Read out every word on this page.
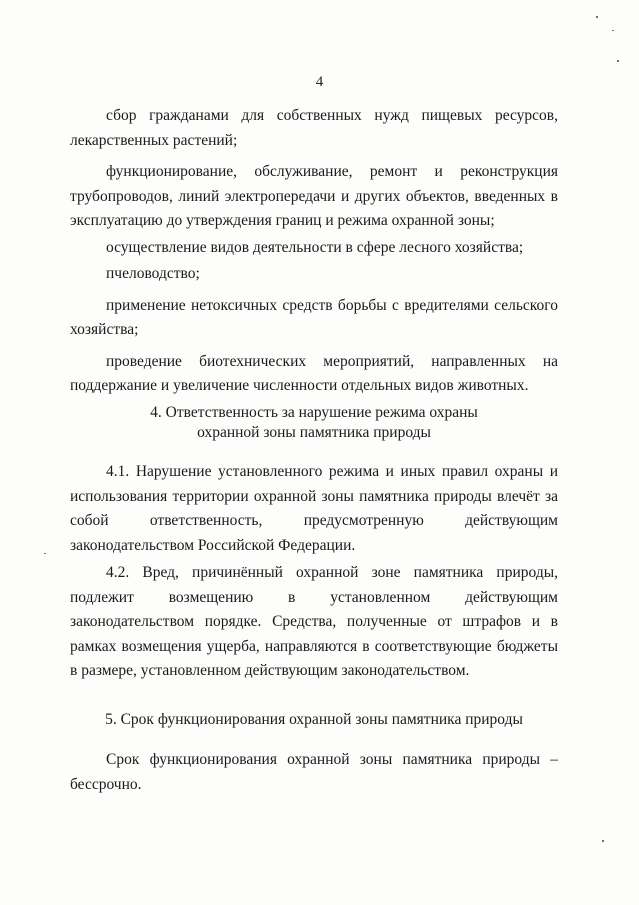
4

сбор гражданами для собственных нужд пищевых ресурсов, лекарственных растений;

функционирование, обслуживание, ремонт и реконструкция трубопроводов, линий электропередачи и других объектов, введенных в эксплуатацию до утверждения границ и режима охранной зоны;

осуществление видов деятельности в сфере лесного хозяйства;

пчеловодство;

применение нетоксичных средств борьбы с вредителями сельского хозяйства;

проведение биотехнических мероприятий, направленных на поддержание и увеличение численности отдельных видов животных.

4. Ответственность за нарушение режима охраны

охранной зоны памятника природы

4.1. Нарушение установленного режима и иных правил охраны и использования территории охранной зоны памятника природы влечёт за собой ответственность, предусмотренную действующим законодательством Российской Федерации.

4.2. Вред, причинённый охранной зоне памятника природы, подлежит возмещению в установленном действующим законодательством порядке. Средства, полученные от штрафов и в рамках возмещения ущерба, направляются в соответствующие бюджеты в размере, установленном действующим законодательством.

5. Срок функционирования охранной зоны памятника природы

Срок функционирования охранной зоны памятника природы – бессрочно.
